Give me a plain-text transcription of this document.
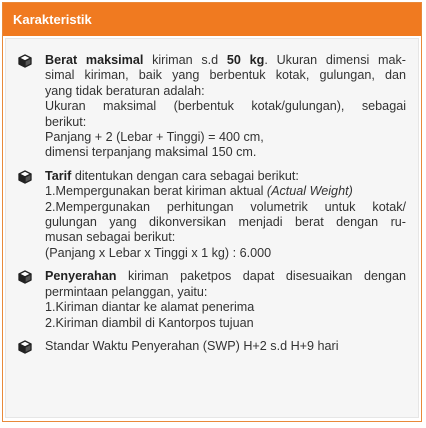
Karakteristik
Berat maksimal kiriman s.d 50 kg. Ukuran dimensi mak-
simal kiriman, baik yang berbentuk kotak, gulungan, dan
yang tidak beraturan adalah:
Ukuran maksimal (berbentuk kotak/gulungan), sebagai
berikut:
Panjang + 2 (Lebar + Tinggi) = 400 cm,
dimensi terpanjang maksimal 150 cm.
Tarif ditentukan dengan cara sebagai berikut:
1.Mempergunakan berat kiriman aktual (Actual Weight)
2.Mempergunakan perhitungan volumetrik untuk kotak/
gulungan yang dikonversikan menjadi berat dengan ru-
musan sebagai berikut:
(Panjang x Lebar x Tinggi x 1 kg) : 6.000
Penyerahan kiriman paketpos dapat disesuaikan dengan
permintaan pelanggan, yaitu:
1.Kiriman diantar ke alamat penerima
2.Kiriman diambil di Kantorpos tujuan
Standar Waktu Penyerahan (SWP) H+2 s.d H+9 hari
